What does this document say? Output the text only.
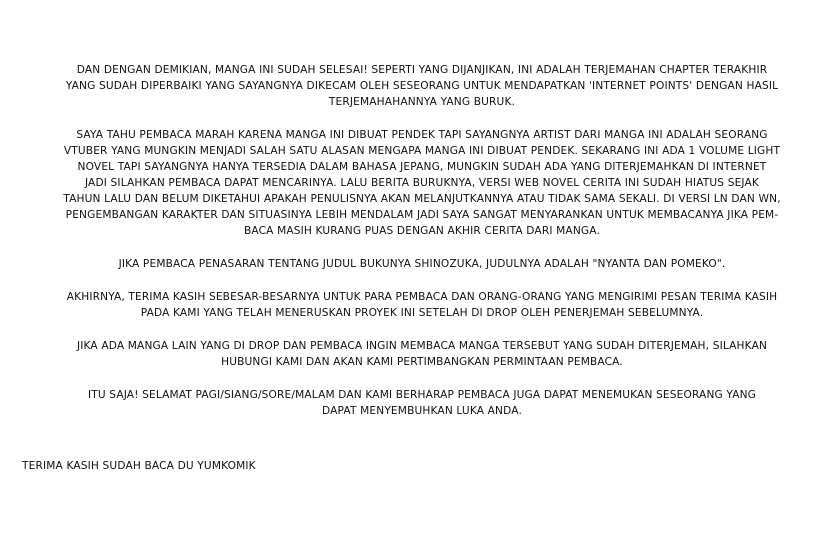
DAN DENGAN DEMIKIAN, MANGA INI SUDAH SELESAI! SEPERTI YANG DIJANJIKAN, INI ADALAH TERJEMAHAN CHAPTER TERAKHIR
YANG SUDAH DIPERBAIKI YANG SAYANGNYA DIKECAM OLEH SESEORANG UNTUK MENDAPATKAN 'INTERNET POINTS' DENGAN HASIL
TERJEMAHAHANNYA YANG BURUK.

SAYA TAHU PEMBACA MARAH KARENA MANGA INI DIBUAT PENDEK TAPI SAYANGNYA ARTIST DARI MANGA INI ADALAH SEORANG
VTUBER YANG MUNGKIN MENJADI SALAH SATU ALASAN MENGAPA MANGA INI DIBUAT PENDEK. SEKARANG INI ADA 1 VOLUME LIGHT
NOVEL TAPI SAYANGNYA HANYA TERSEDIA DALAM BAHASA JEPANG, MUNGKIN SUDAH ADA YANG DITERJEMAHKAN DI INTERNET
JADI SILAHKAN PEMBACA DAPAT MENCARINYA. LALU BERITA BURUKNYA, VERSI WEB NOVEL CERITA INI SUDAH HIATUS SEJAK
TAHUN LALU DAN BELUM DIKETAHUI APAKAH PENULISNYA AKAN MELANJUTKANNYA ATAU TIDAK SAMA SEKALI. DI VERSI LN DAN WN,
PENGEMBANGAN KARAKTER DAN SITUASINYA LEBIH MENDALAM JADI SAYA SANGAT MENYARANKAN UNTUK MEMBACANYA JIKA PEM-
BACA MASIH KURANG PUAS DENGAN AKHIR CERITA DARI MANGA.

JIKA PEMBACA PENASARAN TENTANG JUDUL BUKUNYA SHINOZUKA, JUDULNYA ADALAH "NYANTA DAN POMEKO".

AKHIRNYA, TERIMA KASIH SEBESAR-BESARNYA UNTUK PARA PEMBACA DAN ORANG-ORANG YANG MENGIRIMI PESAN TERIMA KASIH
PADA KAMI YANG TELAH MENERUSKAN PROYEK INI SETELAH DI DROP OLEH PENERJEMAH SEBELUMNYA.

JIKA ADA MANGA LAIN YANG DI DROP DAN PEMBACA INGIN MEMBACA MANGA TERSEBUT YANG SUDAH DITERJEMAH, SILAHKAN
HUBUNGI KAMI DAN AKAN KAMI PERTIMBANGKAN PERMINTAAN PEMBACA.

ITU SAJA! SELAMAT PAGI/SIANG/SORE/MALAM DAN KAMI BERHARAP PEMBACA JUGA DAPAT MENEMUKAN SESEORANG YANG
DAPAT MENYEMBUHKAN LUKA ANDA.

TERIMA KASIH SUDAH BACA DU YUMKOMIK
